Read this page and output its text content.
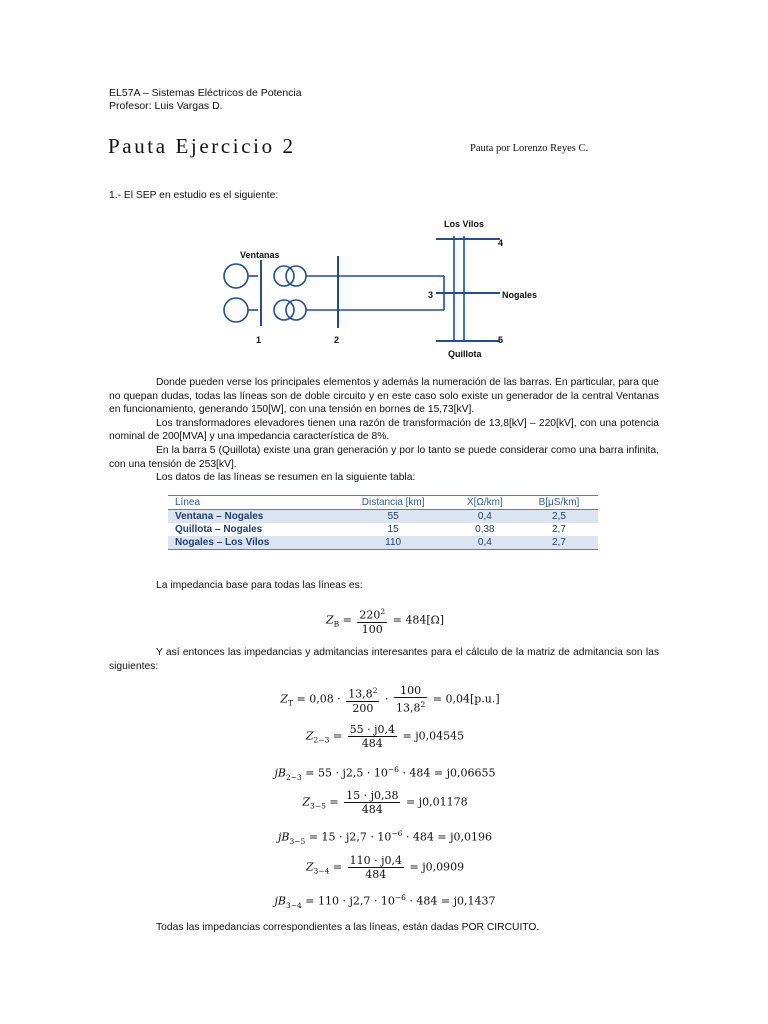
EL57A – Sistemas Eléctricos de Potencia
Profesor: Luis Vargas D.
Pauta Ejercicio 2	Pauta por Lorenzo Reyes C.
1.- El SEP en estudio es el siguiente:
Ventanas
Los Vilos
Nogales
Quillota
1	2
3
4
5

Donde pueden verse los principales elementos y además la numeración de las barras. En particular, para que no quepan dudas, todas las líneas son de doble circuito y en este caso solo existe un generador de la central Ventanas en funcionamiento, generando 150[W], con una tensión en bornes de 15,73[kV].

Los transformadores elevadores tienen una razón de transformación de 13,8[kV] – 220[kV], con una potencia nominal de 200[MVA] y una impedancia característica de 8%.

En la barra 5 (Quillota) existe una gran generación y por lo tanto se puede considerar como una barra infinita, con una tensión de 253[kV].

Los datos de las líneas se resumen en la siguiente tabla:

Línea	Distancia [km]	X[Ω/km]	B[μS/km]
Ventana – Nogales	55	0,4	2,5
Quillota – Nogales	15	0,38	2,7
Nogales – Los Vilos	110	0,4	2,7
La impedancia base para todas las líneas es:
$Z_B = \frac{220^2}{100} = 484[\Omega]$

Y así entonces las impedancias y admitancias interesantes para el cálculo de la matriz de admitancia son las siguientes:

$Z_T = 0,08 \cdot \frac{13,8^2}{200} \cdot \frac{100}{13,8^2} = 0,04[p.u.]$
$Z_{2-3} = \frac{55 \cdot j0,4}{484} = j0,04545$
$jB_{2-3} = 55 \cdot j2,5 \cdot 10^{-6} \cdot 484 = j0,06655$
$Z_{3-5} = \frac{15 \cdot j0,38}{484} = j0,01178$
$jB_{3-5} = 15 \cdot j2,7 \cdot 10^{-6} \cdot 484 = j0,0196$
$Z_{3-4} = \frac{110 \cdot j0,4}{484} = j0,0909$
$jB_{3-4} = 110 \cdot j2,7 \cdot 10^{-6} \cdot 484 = j0,1437$
Todas las impedancias correspondientes a las líneas, están dadas POR CIRCUITO.
